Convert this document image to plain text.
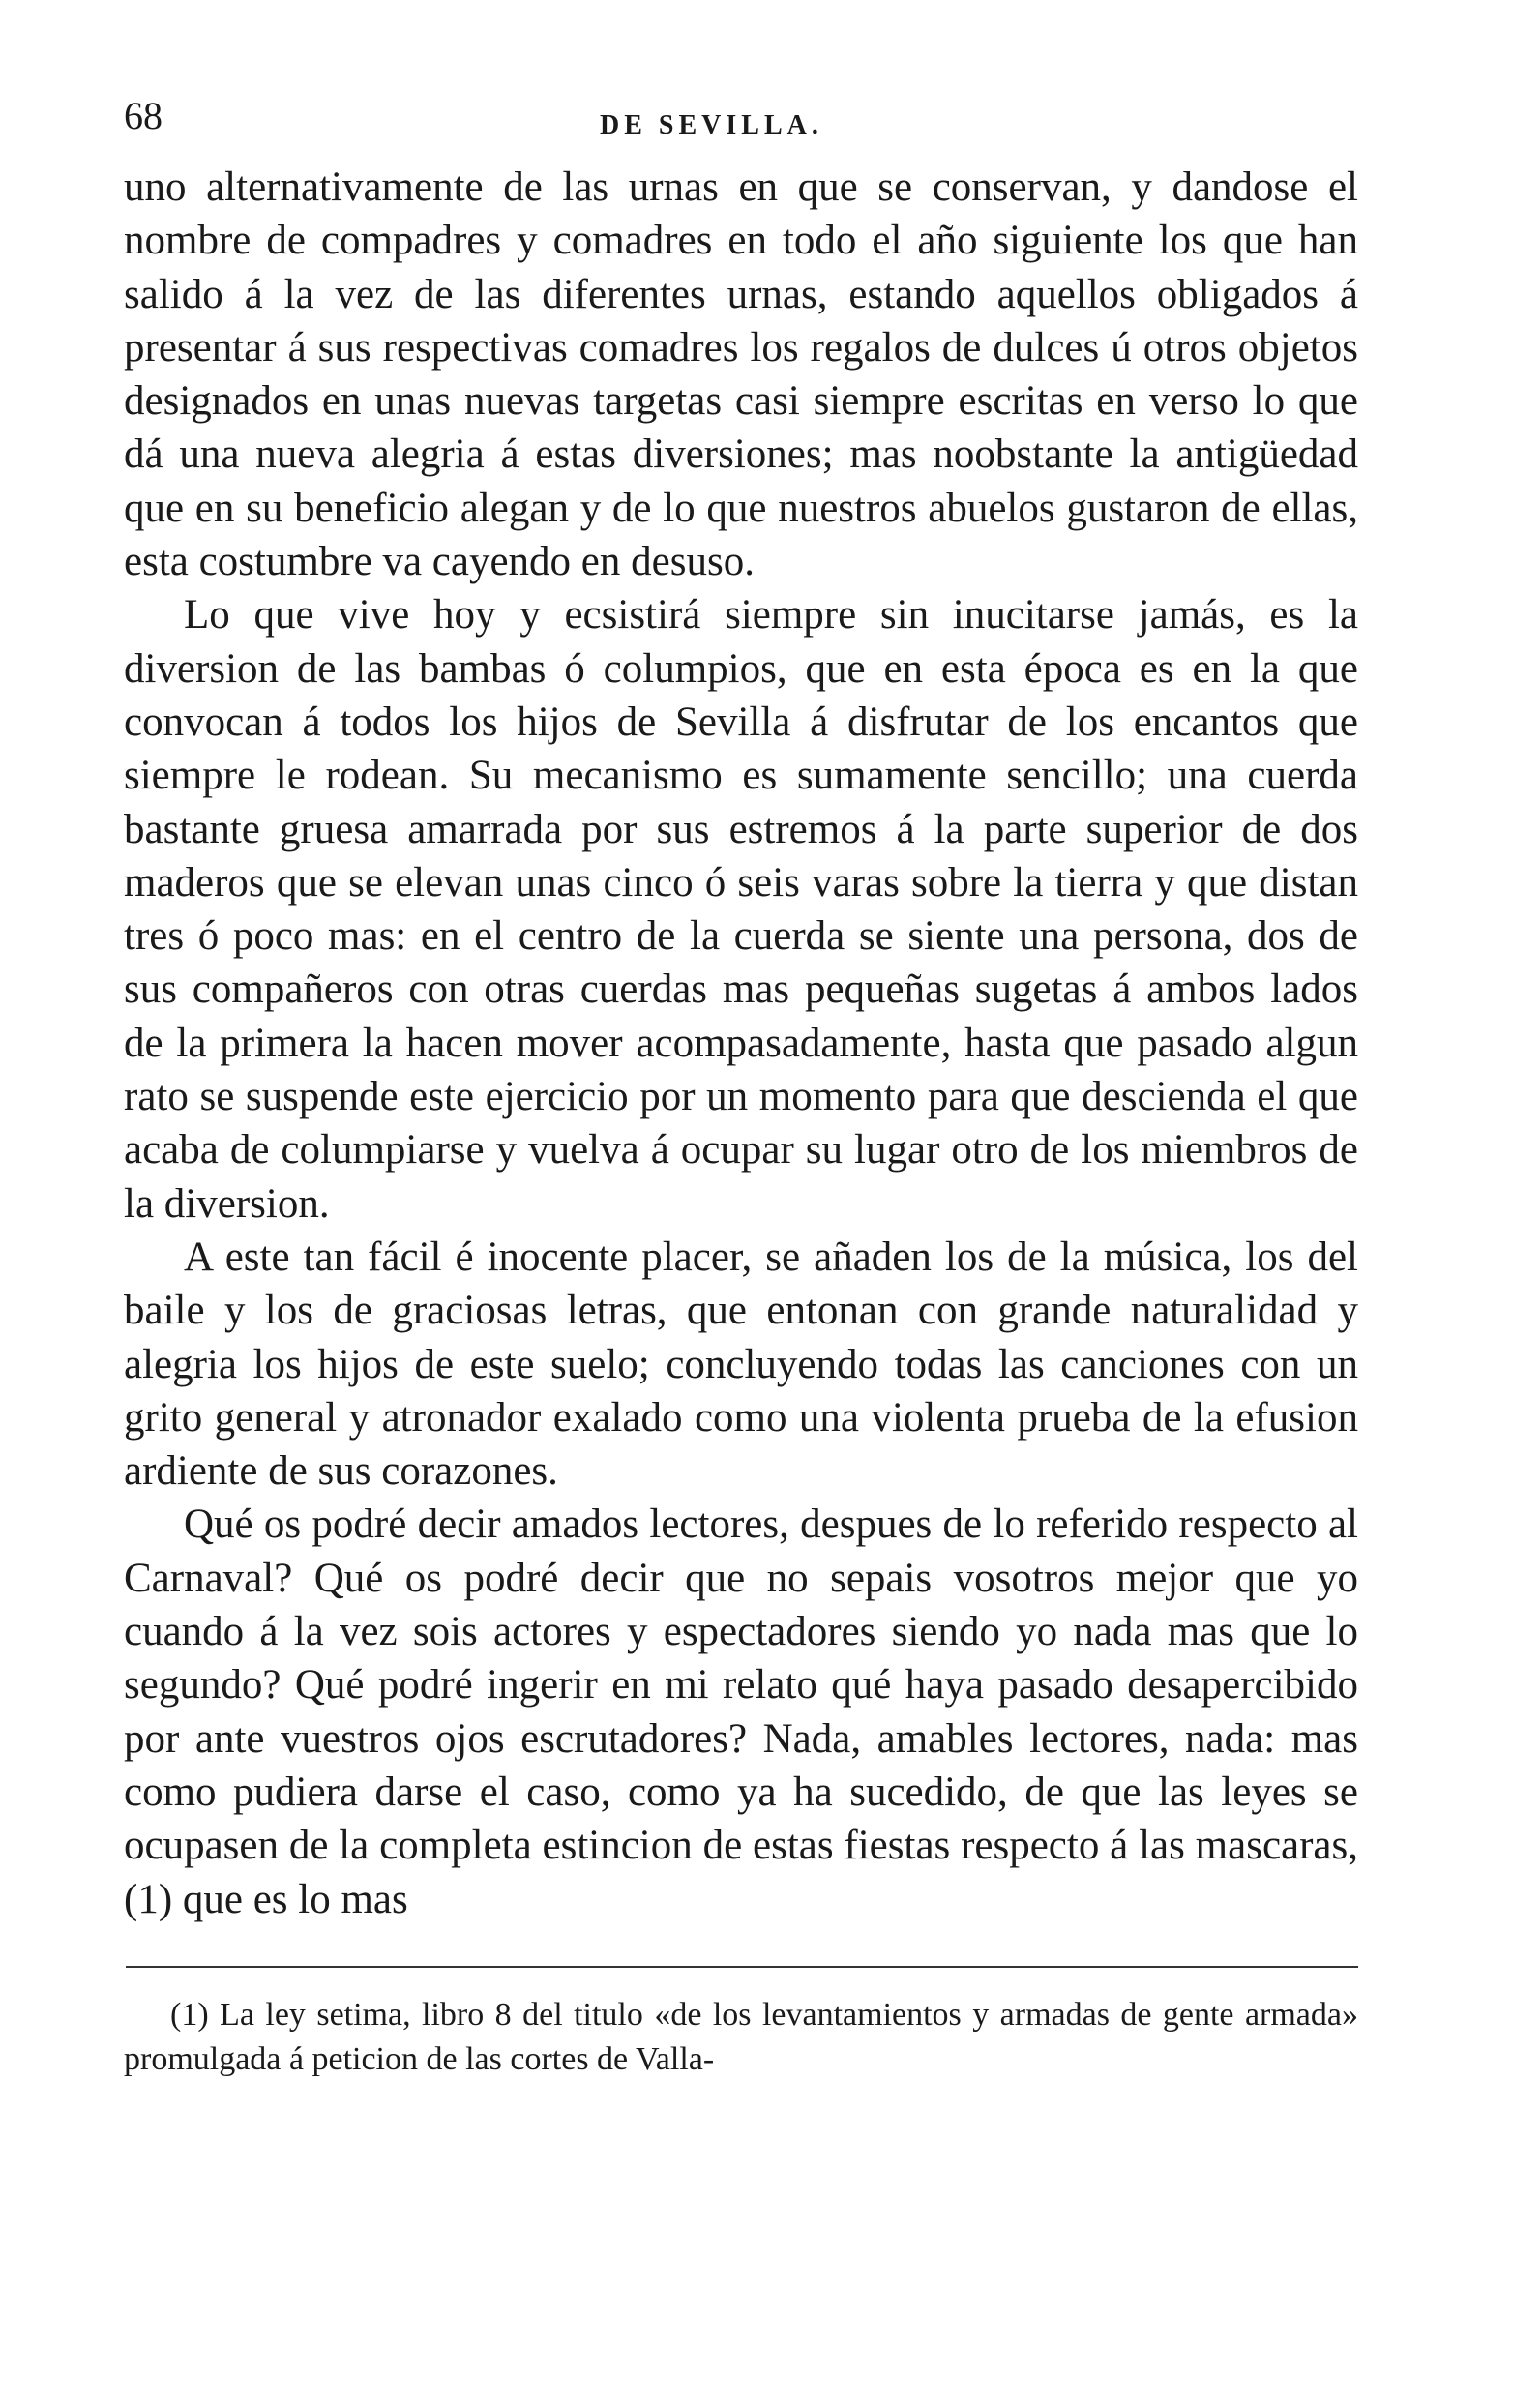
68	DE SEVILLA.

uno alternativamente de las urnas en que se conservan, y dandose el nombre de compadres y comadres en todo el año siguiente los que han salido á la vez de las diferentes urnas, estando aquellos obligados á presentar á sus respectivas comadres los regalos de dulces ú otros objetos designados en unas nuevas targetas casi siempre escritas en verso lo que dá una nueva alegria á estas diversiones; mas noobstante la antigüedad que en su beneficio alegan y de lo que nuestros abuelos gustaron de ellas, esta costumbre va cayendo en desuso.

Lo que vive hoy y ecsistirá siempre sin inucitarse jamás, es la diversion de las bambas ó columpios, que en esta época es en la que convocan á todos los hijos de Sevilla á disfrutar de los encantos que siempre le rodean. Su mecanismo es sumamente sencillo; una cuerda bastante gruesa amarrada por sus estremos á la parte superior de dos maderos que se elevan unas cinco ó seis varas sobre la tierra y que distan tres ó poco mas: en el centro de la cuerda se siente una persona, dos de sus compañeros con otras cuerdas mas pequeñas sugetas á ambos lados de la primera la hacen mover acompasadamente, hasta que pasado algun rato se suspende este ejercicio por un momento para que descienda el que acaba de columpiarse y vuelva á ocupar su lugar otro de los miembros de la diversion.

A este tan fácil é inocente placer, se añaden los de la música, los del baile y los de graciosas letras, que entonan con grande naturalidad y alegria los hijos de este suelo; concluyendo todas las canciones con un grito general y atronador exalado como una violenta prueba de la efusion ardiente de sus corazones.

Qué os podré decir amados lectores, despues de lo referido respecto al Carnaval? Qué os podré decir que no sepais vosotros mejor que yo cuando á la vez sois actores y espectadores siendo yo nada mas que lo segundo? Qué podré ingerir en mi relato qué haya pasado desapercibido por ante vuestros ojos escrutadores? Nada, amables lectores, nada: mas como pudiera darse el caso, como ya ha sucedido, de que las leyes se ocupasen de la completa estincion de estas fiestas respecto á las mascaras, (1) que es lo mas

(1) La ley setima, libro 8 del titulo «de los levantamientos y armadas de gente armada» promulgada á peticion de las cortes de Valla-
